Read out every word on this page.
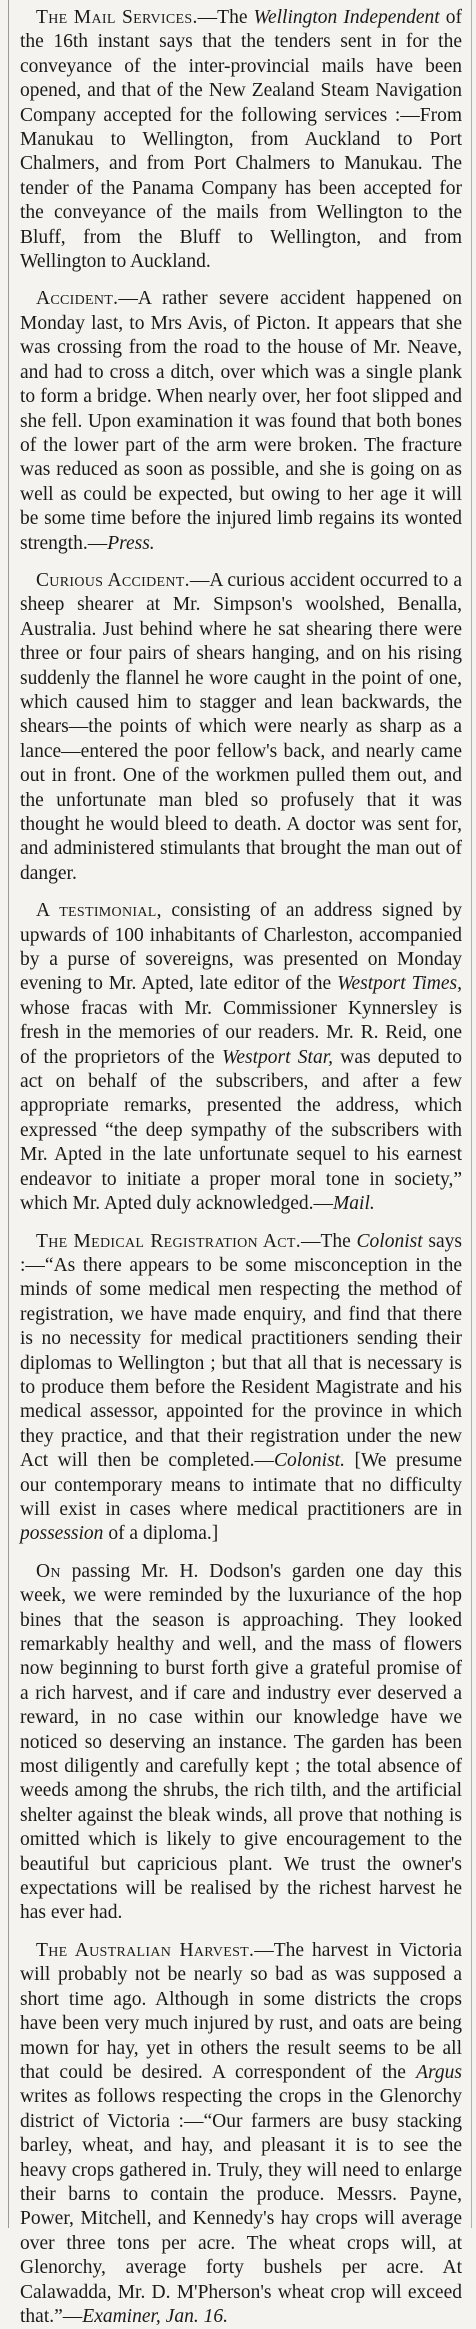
The Mail Services.—The Wellington Independent of the 16th instant says that the tenders sent in for the conveyance of the inter-provincial mails have been opened, and that of the New Zealand Steam Navigation Company accepted for the following services :—From Manukau to Wellington, from Auckland to Port Chalmers, and from Port Chalmers to Manukau. The tender of the Panama Company has been accepted for the conveyance of the mails from Wellington to the Bluff, from the Bluff to Wellington, and from Wellington to Auckland.

Accident.—A rather severe accident happened on Monday last, to Mrs Avis, of Picton. It appears that she was crossing from the road to the house of Mr. Neave, and had to cross a ditch, over which was a single plank to form a bridge. When nearly over, her foot slipped and she fell. Upon examination it was found that both bones of the lower part of the arm were broken. The fracture was reduced as soon as possible, and she is going on as well as could be expected, but owing to her age it will be some time before the injured limb regains its wonted strength.—Press.

Curious Accident.—A curious accident occurred to a sheep shearer at Mr. Simpson's woolshed, Benalla, Australia. Just behind where he sat shearing there were three or four pairs of shears hanging, and on his rising suddenly the flannel he wore caught in the point of one, which caused him to stagger and lean backwards, the shears—the points of which were nearly as sharp as a lance—entered the poor fellow's back, and nearly came out in front. One of the workmen pulled them out, and the unfortunate man bled so profusely that it was thought he would bleed to death. A doctor was sent for, and administered stimulants that brought the man out of danger.

A testimonial, consisting of an address signed by upwards of 100 inhabitants of Charleston, accompanied by a purse of sovereigns, was presented on Monday evening to Mr. Apted, late editor of the Westport Times, whose fracas with Mr. Commissioner Kynnersley is fresh in the memories of our readers. Mr. R. Reid, one of the proprietors of the Westport Star, was deputed to act on behalf of the subscribers, and after a few appropriate remarks, presented the address, which expressed “the deep sympathy of the subscribers with Mr. Apted in the late unfortunate sequel to his earnest endeavor to initiate a proper moral tone in society,” which Mr. Apted duly acknowledged.—Mail.

The Medical Registration Act.—The Colonist says :—“As there appears to be some misconception in the minds of some medical men respecting the method of registration, we have made enquiry, and find that there is no necessity for medical practitioners sending their diplomas to Wellington ; but that all that is necessary is to produce them before the Resident Magistrate and his medical assessor, appointed for the province in which they practice, and that their registration under the new Act will then be completed.—Colonist. [We presume our contemporary means to intimate that no difficulty will exist in cases where medical practitioners are in possession of a diploma.]

On passing Mr. H. Dodson's garden one day this week, we were reminded by the luxuriance of the hop bines that the season is approaching. They looked remarkably healthy and well, and the mass of flowers now beginning to burst forth give a grateful promise of a rich harvest, and if care and industry ever deserved a reward, in no case within our knowledge have we noticed so deserving an instance. The garden has been most diligently and carefully kept ; the total absence of weeds among the shrubs, the rich tilth, and the artificial shelter against the bleak winds, all prove that nothing is omitted which is likely to give encouragement to the beautiful but capricious plant. We trust the owner's expectations will be realised by the richest harvest he has ever had.

The Australian Harvest.—The harvest in Victoria will probably not be nearly so bad as was supposed a short time ago. Although in some districts the crops have been very much injured by rust, and oats are being mown for hay, yet in others the result seems to be all that could be desired. A correspondent of the Argus writes as follows respecting the crops in the Glenorchy district of Victoria :—“Our farmers are busy stacking barley, wheat, and hay, and pleasant it is to see the heavy crops gathered in. Truly, they will need to enlarge their barns to contain the produce. Messrs. Payne, Power, Mitchell, and Kennedy's hay crops will average over three tons per acre. The wheat crops will, at Glenorchy, average forty bushels per acre. At Calawadda, Mr. D. M'Pherson's wheat crop will exceed that.”—Examiner, Jan. 16.
